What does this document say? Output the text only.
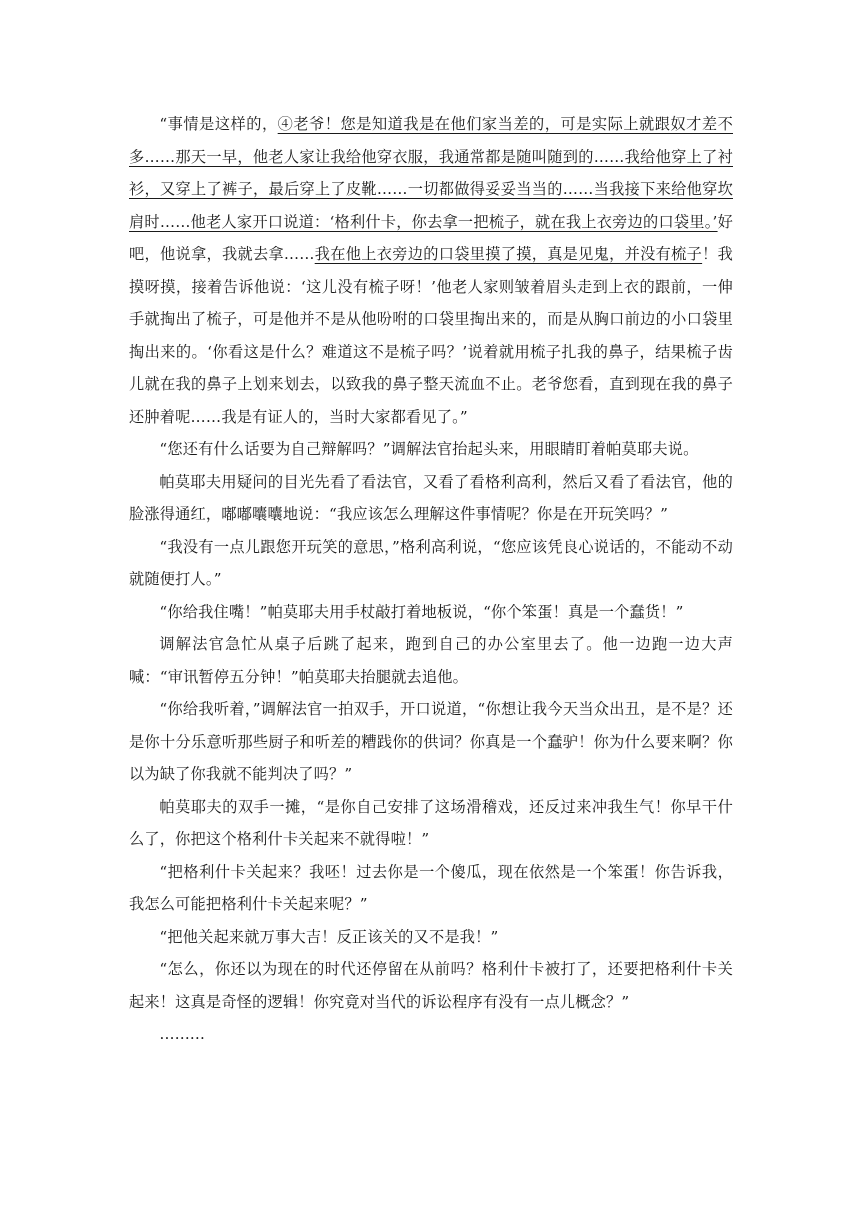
“事情是这样的，④老爷！您是知道我是在他们家当差的，可是实际上就跟奴才差不多……那天一早，他老人家让我给他穿衣服，我通常都是随叫随到的……我给他穿上了衬衫，又穿上了裤子，最后穿上了皮靴……一切都做得妥妥当当的……当我接下来给他穿坎肩时……他老人家开口说道：‘格利什卡，你去拿一把梳子，就在我上衣旁边的口袋里。’好吧，他说拿，我就去拿……我在他上衣旁边的口袋里摸了摸，真是见鬼，并没有梳子！我摸呀摸，接着告诉他说：‘这儿没有梳子呀！’他老人家则皱着眉头走到上衣的跟前，一伸手就掏出了梳子，可是他并不是从他吩咐的口袋里掏出来的，而是从胸口前边的小口袋里掏出来的。‘你看这是什么？难道这不是梳子吗？’说着就用梳子扎我的鼻子，结果梳子齿儿就在我的鼻子上划来划去，以致我的鼻子整天流血不止。老爷您看，直到现在我的鼻子还肿着呢……我是有证人的，当时大家都看见了。”

“您还有什么话要为自己辩解吗？”调解法官抬起头来，用眼睛盯着帕莫耶夫说。

帕莫耶夫用疑问的目光先看了看法官，又看了看格利高利，然后又看了看法官，他的脸涨得通红，嘟嘟囔囔地说：“我应该怎么理解这件事情呢？你是在开玩笑吗？”

“我没有一点儿跟您开玩笑的意思，”格利高利说，“您应该凭良心说话的，不能动不动就随便打人。”

“你给我住嘴！”帕莫耶夫用手杖敲打着地板说，“你个笨蛋！真是一个蠢货！”

调解法官急忙从桌子后跳了起来，跑到自己的办公室里去了。他一边跑一边大声喊：“审讯暂停五分钟！”帕莫耶夫抬腿就去追他。

“你给我听着，”调解法官一拍双手，开口说道，“你想让我今天当众出丑，是不是？还是你十分乐意听那些厨子和听差的糟践你的供词？你真是一个蠢驴！你为什么要来啊？你以为缺了你我就不能判决了吗？”

帕莫耶夫的双手一摊，“是你自己安排了这场滑稽戏，还反过来冲我生气！你早干什么了，你把这个格利什卡关起来不就得啦！”

“把格利什卡关起来？我呸！过去你是一个傻瓜，现在依然是一个笨蛋！你告诉我，我怎么可能把格利什卡关起来呢？”

“把他关起来就万事大吉！反正该关的又不是我！”

“怎么，你还以为现在的时代还停留在从前吗？格利什卡被打了，还要把格利什卡关起来！这真是奇怪的逻辑！你究竟对当代的诉讼程序有没有一点儿概念？”

………
